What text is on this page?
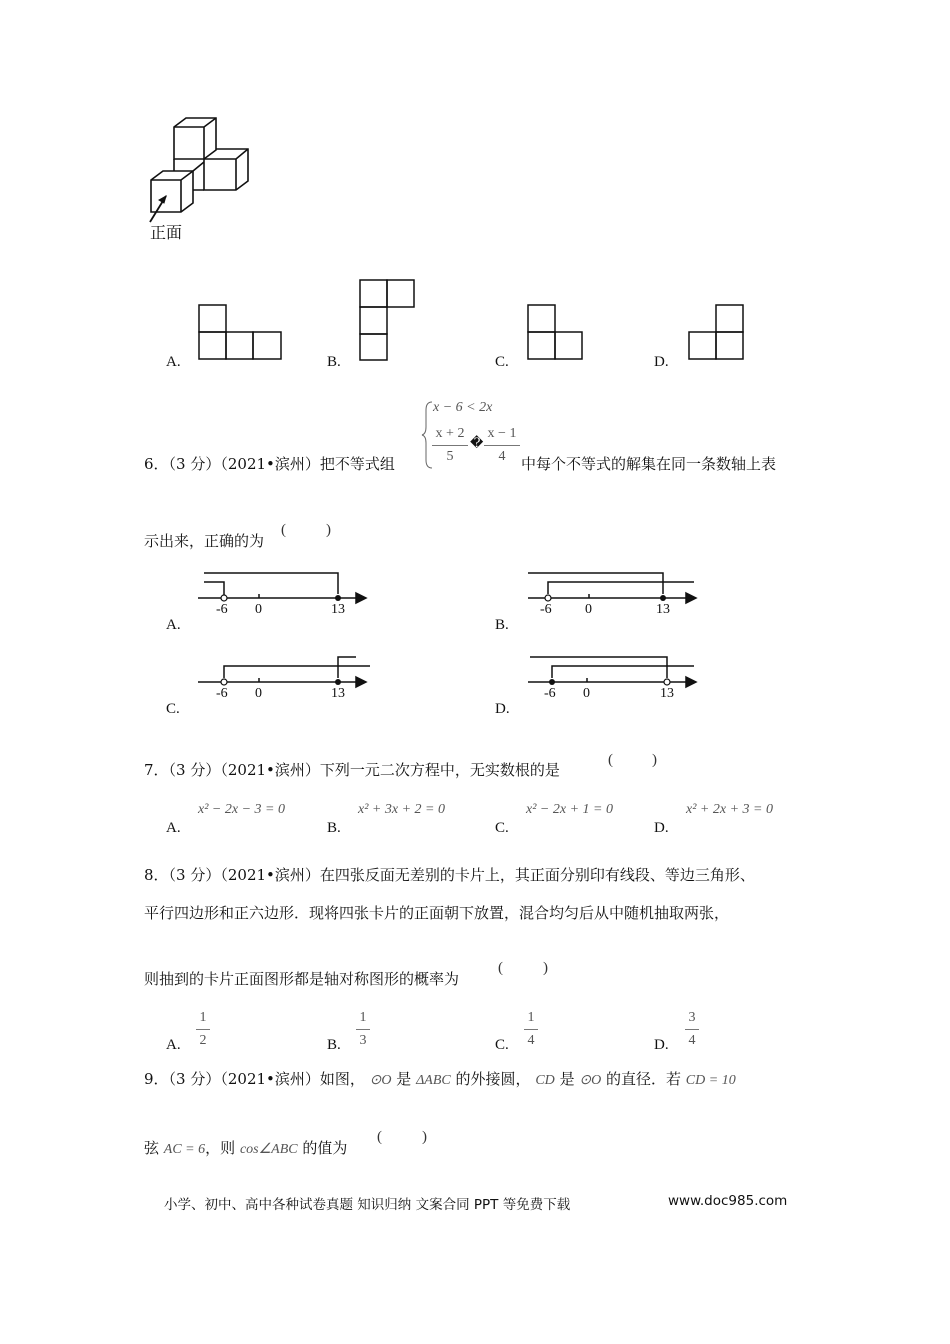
正面
A.	B.	C.	D.
6．（3 分）（2021•滨州）把不等式组
x − 6 < 2x
x + 2
5
�
x − 1
4	中每个不等式的解集在同一条数轴上表
示出来，正确的为
(	)
-6 0	13	-6 0	13
-6 0	13	-6 0	13
A.	B.
C.	D.
7．（3 分）（2021•滨州）下列一元二次方程中，无实数根的是
(	)
x² − 2x − 3 = 0	x² + 3x + 2 = 0	x² − 2x + 1 = 0	x² + 2x + 3 = 0
A.	B.	C.	D.
8．（3 分）（2021•滨州）在四张反面无差别的卡片上，其正面分别印有线段、等边三角形、
平行四边形和正六边形．现将四张卡片的正面朝下放置，混合均匀后从中随机抽取两张，
则抽到的卡片正面图形都是轴对称图形的概率为
(	)
1
2
1
3
1
4
3
4
A.	B.	C.	D.
9．（3 分）（2021•滨州）如图， ⊙O 是 ΔABC 的外接圆， CD 是 ⊙O 的直径．若 CD = 10
弦 AC = 6，则 cos∠ABC 的值为
(	)
小学、初中、高中各种试卷真题 知识归纳 文案合同 PPT 等免费下载	www.doc985.com
